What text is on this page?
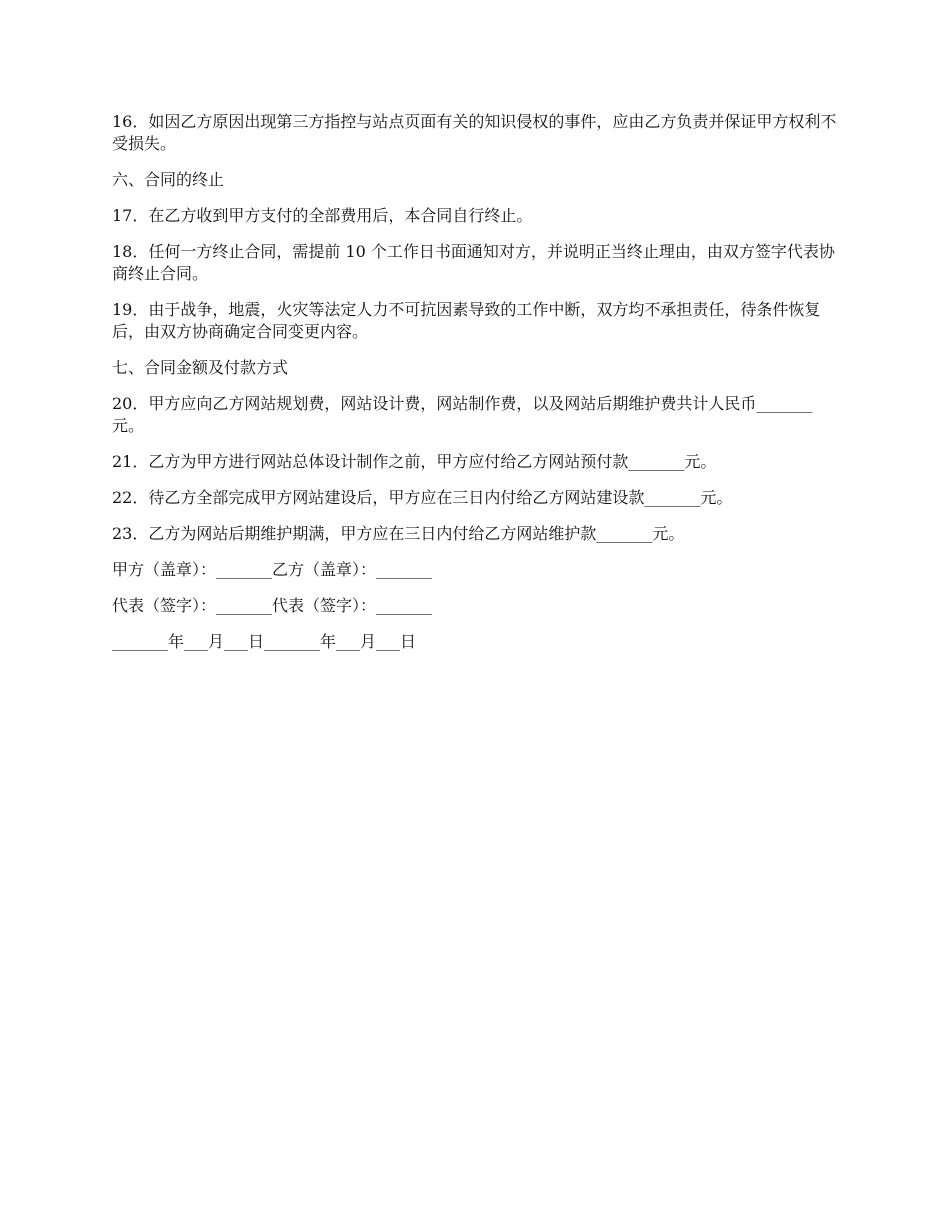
16．如因乙方原因出现第三方指控与站点页面有关的知识侵权的事件，应由乙方负责并保证甲方权利不受损失。

六、合同的终止

17．在乙方收到甲方支付的全部费用后，本合同自行终止。

18．任何一方终止合同，需提前 10 个工作日书面通知对方，并说明正当终止理由，由双方签字代表协商终止合同。

19．由于战争，地震，火灾等法定人力不可抗因素导致的工作中断，双方均不承担责任，待条件恢复后，由双方协商确定合同变更内容。

七、合同金额及付款方式

20．甲方应向乙方网站规划费，网站设计费，网站制作费，以及网站后期维护费共计人民币_______元。

21．乙方为甲方进行网站总体设计制作之前，甲方应付给乙方网站预付款_______元。

22．待乙方全部完成甲方网站建设后，甲方应在三日内付给乙方网站建设款_______元。

23．乙方为网站后期维护期满，甲方应在三日内付给乙方网站维护款_______元。

甲方（盖章）：_______乙方（盖章）：_______

代表（签字）：_______代表（签字）：_______

_______年___月___日_______年___月___日
